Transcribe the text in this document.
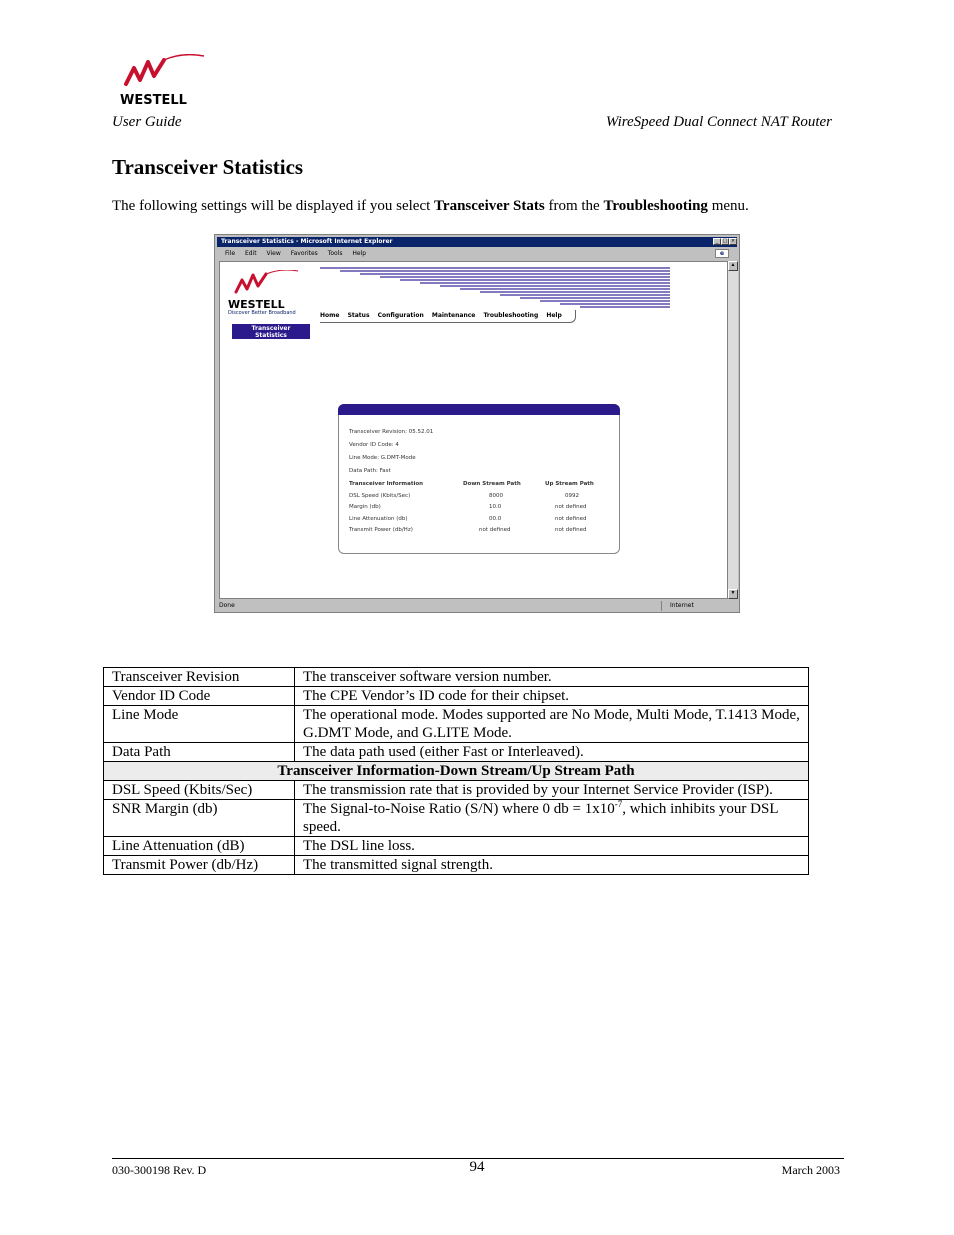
WESTELL
User Guide	WireSpeed Dual Connect NAT Router
Transceiver Statistics
The following settings will be displayed if you select Transceiver Stats from the Troubleshooting menu.
Transceiver Statistics - Microsoft Internet Explorer	_ □ ×
File Edit View Favorites Tools Help	e
WESTELL
Discover Better Broadband	Home Status Configuration Maintenance Troubleshooting Help
Transceiver
Statistics
Transceiver Revision: 05.52.01
Vendor ID Code: 4
Line Mode: G.DMT-Mode
Data Path: Fast
Transceiver Information	Down Stream Path	Up Stream Path
DSL Speed (Kbits/Sec)	8000	0992
Margin (db)	10.0	not defined
Line Attenuation (db)	00.0	not defined
Transmit Power (db/Hz)	not defined	not defined
▲
▼
Done	Internet
Transceiver Revision	The transceiver software version number.
Vendor ID Code	The CPE Vendor’s ID code for their chipset.
Line Mode	The operational mode. Modes supported are No Mode, Multi Mode, T.1413 Mode, G.DMT Mode, and G.LITE Mode.
Data Path	The data path used (either Fast or Interleaved).
Transceiver Information-Down Stream/Up Stream Path	
DSL Speed (Kbits/Sec)	The transmission rate that is provided by your Internet Service Provider (ISP).
SNR Margin (db)	The Signal-to-Noise Ratio (S/N) where 0 db = $1x10^{-7}$, which inhibits your DSL speed.
Line Attenuation (dB)	The DSL line loss.
Transmit Power (db/Hz)	The transmitted signal strength.
030-300198 Rev. D	94	March 2003
